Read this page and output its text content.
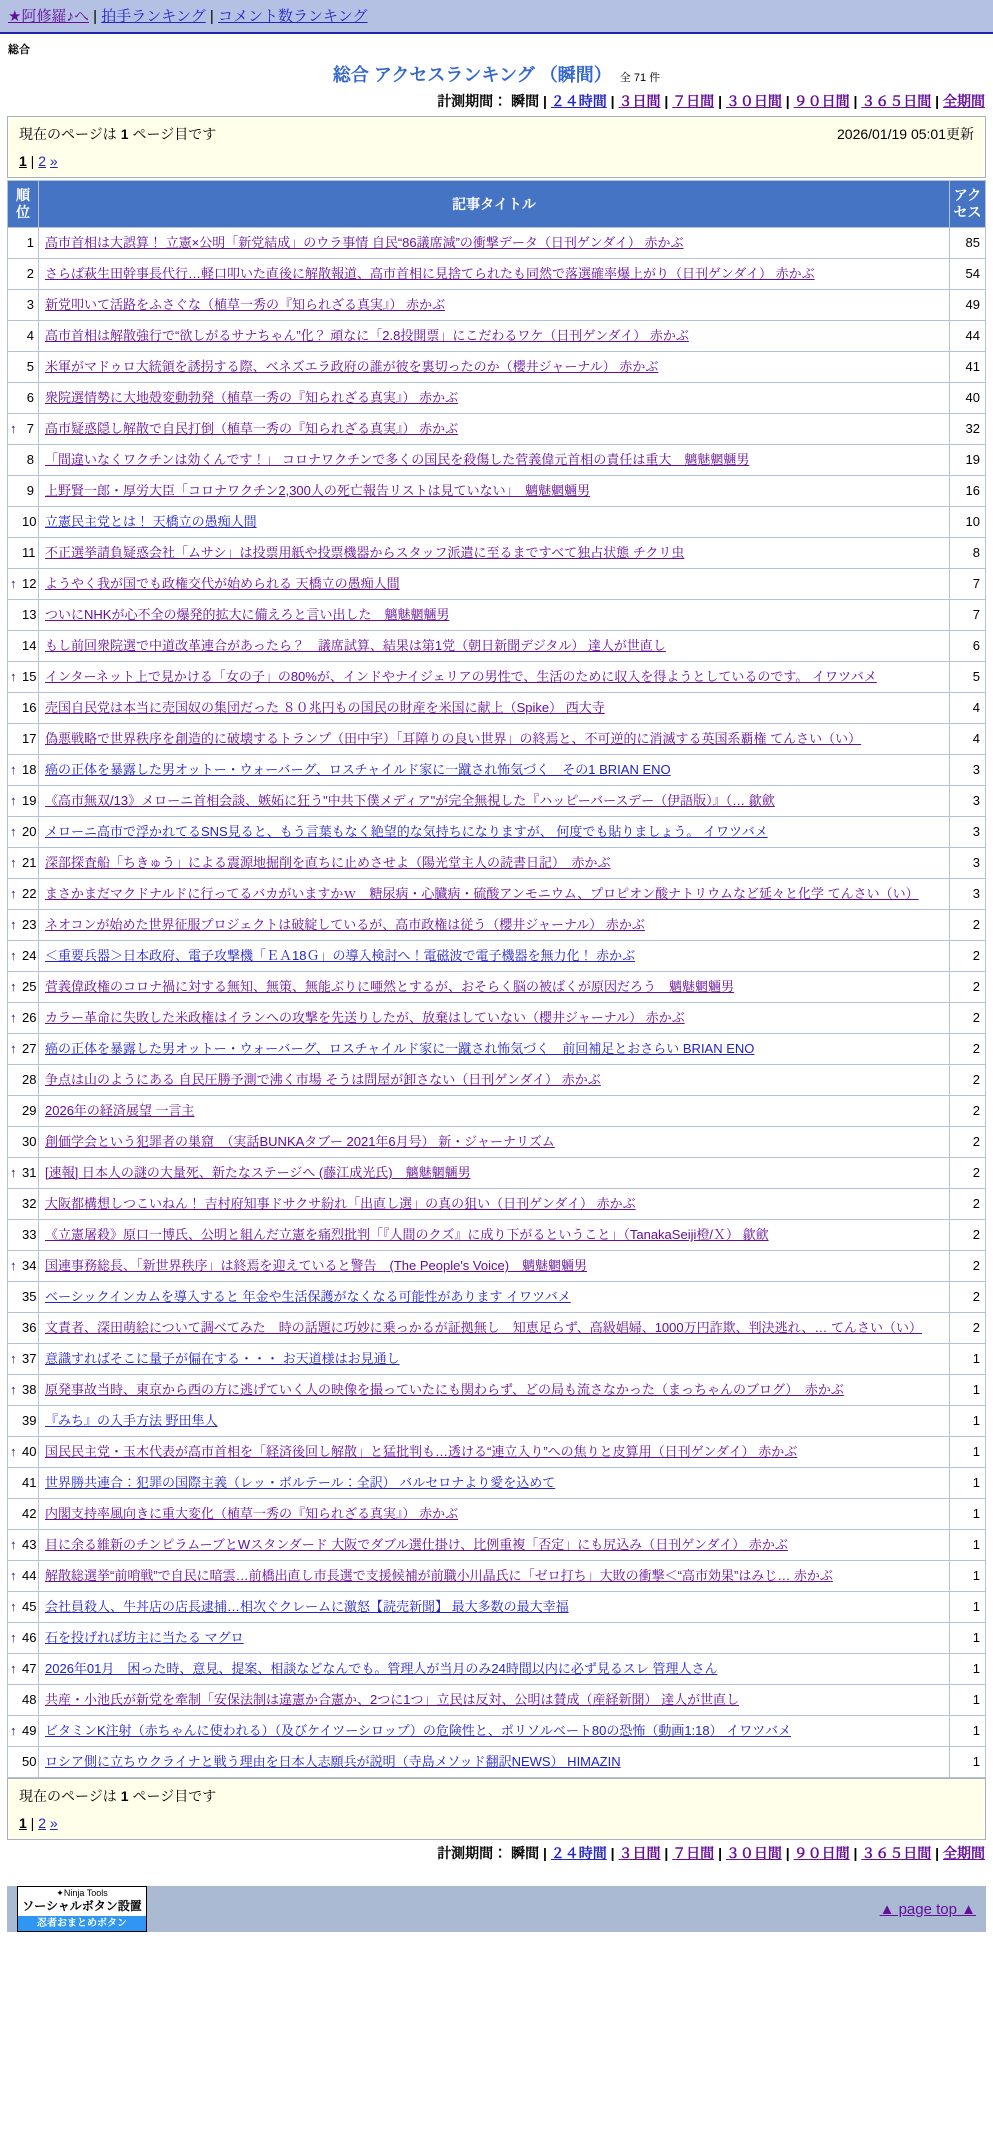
★阿修羅♪へ | 拍手ランキング | コメント数ランキング
総合
総合 アクセスランキング （瞬間） 全 71 件
計測期間： 瞬間 | ２４時間 | ３日間 | ７日間 | ３０日間 | ９０日間 | ３６５日間 | 全期間
現在のページは 1 ページ目です	2026/01/19 05:01更新
1 | 2 »
順位	記事タイトル	アクセス

1	高市首相は大誤算！ 立憲×公明「新党結成」のウラ事情 自民“86議席減”の衝撃データ（日刊ゲンダイ） 赤かぶ	85

2	さらば萩生田幹事長代行…軽口叩いた直後に解散報道、高市首相に見捨てられたも同然で落選確率爆上がり（日刊ゲンダイ） 赤かぶ	54

3	新党叩いて活路をふさぐな（植草一秀の『知られざる真実』） 赤かぶ	49

4	高市首相は解散強行で“欲しがるサナちゃん”化？ 頑なに「2.8投開票」にこだわるワケ（日刊ゲンダイ） 赤かぶ	44

5	米軍がマドゥロ大統領を誘拐する際、ベネズエラ政府の誰が彼を裏切ったのか（櫻井ジャーナル） 赤かぶ	41

6	衆院選情勢に大地殻変動勃発（植草一秀の『知られざる真実』） 赤かぶ	40

↑ 7	高市疑惑隠し解散で自民打倒（植草一秀の『知られざる真実』） 赤かぶ	32

8	「間違いなくワクチンは効くんです！」 コロナワクチンで多くの国民を殺傷した菅義偉元首相の責任は重大　魑魅魍魎男	19

9	上野賢一郎・厚労大臣「コロナワクチン2,300人の死亡報告リストは見ていない」　魑魅魍魎男	16

10	立憲民主党とは！ 天橋立の愚痴人間	10

11	不正選挙請負疑惑会社「ムサシ」は投票用紙や投票機器からスタッフ派遣に至るまですべて独占状態 チクリ虫	8

↑ 12	ようやく我が国でも政権交代が始められる 天橋立の愚痴人間	7

13	ついにNHKが心不全の爆発的拡大に備えろと言い出した　魑魅魍魎男	7

14	もし前回衆院選で中道改革連合があったら？　議席試算、結果は第1党（朝日新聞デジタル） 達人が世直し	6

↑ 15	インターネット上で見かける「女の子」の80%が、インドやナイジェリアの男性で、生活のために収入を得ようとしているのです。 イワツバメ	5

16	売国自民党は本当に売国奴の集団だった ８０兆円もの国民の財産を米国に献上（Spike） 西大寺	4

17	偽悪戦略で世界秩序を創造的に破壊するトランプ（田中宇）「耳障りの良い世界」の終焉と、不可逆的に消滅する英国系覇権 てんさい（い）	4

↑ 18	癌の正体を暴露した男オットー・ウォーバーグ、ロスチャイルド家に一蹴され怖気づく　その1 BRIAN ENO	3

↑ 19	《高市無双/13》メローニ首相会談、嫉妬に狂う"中共下僕メディア"が完全無視した『ハッピーバースデー（伊語版）』（… 歙歛	3

↑ 20	メローニ高市で浮かれてるSNS見ると、もう言葉もなく絶望的な気持ちになりますが、 何度でも貼りましょう。 イワツバメ	3

↑ 21	深部探査船「ちきゅう」による震源地掘削を直ちに止めさせよ（陽光堂主人の読書日記）　赤かぶ	3

↑ 22	まさかまだマクドナルドに行ってるバカがいますかｗ　糖尿病・心臓病・硫酸アンモニウム、プロピオン酸ナトリウムなど延々と化学 てんさい（い）	3

↑ 23	ネオコンが始めた世界征服プロジェクトは破綻しているが、高市政権は従う（櫻井ジャーナル） 赤かぶ	2

↑ 24	＜重要兵器＞日本政府、電子攻撃機「ＥＡ18Ｇ」の導入検討へ！電磁波で電子機器を無力化！ 赤かぶ	2

↑ 25	菅義偉政権のコロナ禍に対する無知、無策、無能ぶりに唖然とするが、おそらく脳の被ばくが原因だろう　魑魅魍魎男	2

↑ 26	カラー革命に失敗した米政権はイランへの攻撃を先送りしたが、放棄はしていない（櫻井ジャーナル） 赤かぶ	2

↑ 27	癌の正体を暴露した男オットー・ウォーバーグ、ロスチャイルド家に一蹴され怖気づく　前回補足とおさらい BRIAN ENO	2

28	争点は山のようにある 自民圧勝予測で沸く市場 そうは問屋が卸さない（日刊ゲンダイ） 赤かぶ	2

29	2026年の経済展望 一言主	2

30	創価学会という犯罪者の巣窟　（実話BUNKAタブー 2021年6月号） 新・ジャーナリズム	2

↑ 31	[速報] 日本人の謎の大量死、新たなステージへ (藤江成光氏)　魑魅魍魎男	2

32	大阪都構想しつこいねん！ 吉村府知事ドサクサ紛れ「出直し選」の真の狙い（日刊ゲンダイ） 赤かぶ	2

33	《立憲屠殺》原口一博氏、公明と組んだ立憲を痛烈批判「『人間のクズ』に成り下がるということ」（TanakaSeiji橙/Ｘ） 歙歛	2

↑ 34	国連事務総長、「新世界秩序」は終焉を迎えていると警告　(The People's Voice)　魑魅魍魎男	2

35	ベーシックインカムを導入すると 年金や生活保護がなくなる可能性があります イワツバメ	2

36	文責者、深田萌絵について調べてみた　時の話題に巧妙に乗っかるが証拠無し　知恵足らず、高級娼婦、1000万円詐欺、判決逃れ、… てんさい（い）	2

↑ 37	意識すればそこに量子が偏在する・・・ お天道様はお見通し	1

↑ 38	原発事故当時、東京から西の方に逃げていく人の映像を撮っていたにも関わらず、どの局も流さなかった（まっちゃんのブログ）　赤かぶ	1

39	『みち』の入手方法 野田隼人	1

↑ 40	国民民主党・玉木代表が高市首相を「経済後回し解散」と猛批判も…透ける“連立入り”への焦りと皮算用（日刊ゲンダイ） 赤かぶ	1

41	世界勝共連合：犯罪の国際主義（レッ・ボルテール：全訳） バルセロナより愛を込めて	1

42	内閣支持率風向きに重大変化（植草一秀の『知られざる真実』） 赤かぶ	1

↑ 43	目に余る維新のチンピラムーブとWスタンダード 大阪でダブル選仕掛け、比例重複「否定」にも尻込み（日刊ゲンダイ） 赤かぶ	1

↑ 44	解散総選挙“前哨戦”で自民に暗雲…前橋出直し市長選で支援候補が前職小川晶氏に「ゼロ打ち」大敗の衝撃＜“高市効果”はみじ… 赤かぶ	1

↑ 45	会社員殺人、牛丼店の店長逮捕…相次ぐクレームに激怒【読売新聞】 最大多数の最大幸福	1

↑ 46	石を投げれば坊主に当たる マグロ	1

↑ 47	2026年01月　困った時、意見、提案、相談などなんでも。管理人が当月のみ24時間以内に必ず見るスレ 管理人さん	1

48	共産・小池氏が新党を牽制「安保法制は違憲か合憲か、2つに1つ」立民は反対、公明は賛成（産経新聞） 達人が世直し	1

↑ 49	ビタミンK注射（赤ちゃんに使われる）（及びケイツーシロップ）の危険性と、ポリソルベート80の恐怖（動画1:18） イワツバメ	1

50	ロシア側に立ちウクライナと戦う理由を日本人志願兵が説明（寺島メソッド翻訳NEWS） HIMAZIN	1
現在のページは 1 ページ目です
1 | 2 »
計測期間： 瞬間 | ２４時間 | ３日間 | ７日間 | ３０日間 | ９０日間 | ３６５日間 | 全期間
✦Ninja Tools
ソーシャルボタン設置
忍者おまとめボタン
▲ page top ▲
